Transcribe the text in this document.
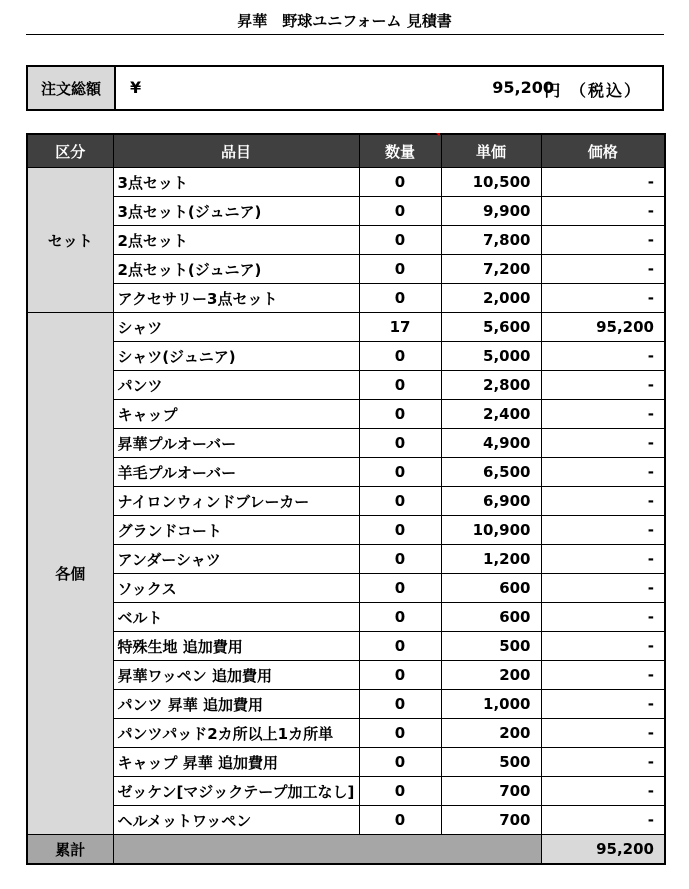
昇華　野球ユニフォーム 見積書
注文総額	¥	95,200
円 （税込）
区分	品目	数量	単価	価格
セット	3点セット	0	10,500	-
	3点セット(ジュニア)	0	9,900	-
	2点セット	0	7,800	-
	2点セット(ジュニア)	0	7,200	-
	アクセサリー3点セット	0	2,000	-
各個	シャツ	17	5,600	95,200
	シャツ(ジュニア)	0	5,000	-
	パンツ	0	2,800	-
	キャップ	0	2,400	-
	昇華プルオーバー	0	4,900	-
	羊毛プルオーバー	0	6,500	-
	ナイロンウィンドブレーカー	0	6,900	-
	グランドコート	0	10,900	-
	アンダーシャツ	0	1,200	-
	ソックス	0	600	-
	ベルト	0	600	-
	特殊生地 追加費用	0	500	-
	昇華ワッペン 追加費用	0	200	-
	パンツ 昇華 追加費用	0	1,000	-
	パンツパッド2カ所以上1カ所単	0	200	-
	キャップ 昇華 追加費用	0	500	-
	ゼッケン[マジックテープ加工なし]	0	700	-
	ヘルメットワッペン	0	700	-
累計				95,200
